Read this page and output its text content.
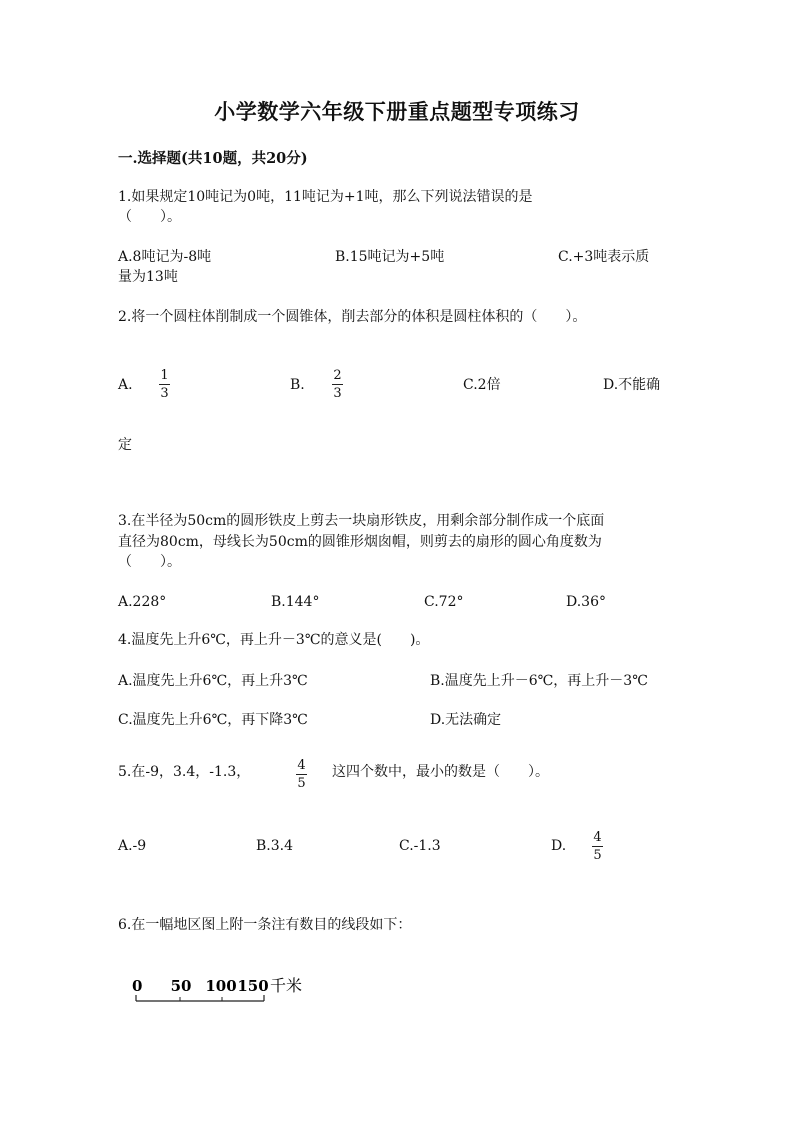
小学数学六年级下册重点题型专项练习
一.选择题(共10题，共20分)
1.如果规定10吨记为0吨，11吨记为+1吨，那么下列说法错误的是
（　　）。
A.8吨记为-8吨	B.15吨记为+5吨	C.+3吨表示质
量为13吨
2.将一个圆柱体削制成一个圆锥体，削去部分的体积是圆柱体积的（　　）。
A.
1
3
B.
2
3
C.2倍	D.不能确
定
3.在半径为50cm的圆形铁皮上剪去一块扇形铁皮，用剩余部分制作成一个底面
直径为80cm，母线长为50cm的圆锥形烟囱帽，则剪去的扇形的圆心角度数为
（　　）。
A.228°	B.144°	C.72°	D.36°
4.温度先上升6℃，再上升－3℃的意义是(　　)。
A.温度先上升6℃，再上升3℃	B.温度先上升－6℃，再上升－3℃
C.温度先上升6℃，再下降3℃	D.无法确定
5.在-9，3.4，-1.3，	4
5
这四个数中，最小的数是（　　）。
A.-9	B.3.4	C.-1.3	D.
4
5
6.在一幅地区图上附一条注有数目的线段如下：
0 50 100 150 千米
